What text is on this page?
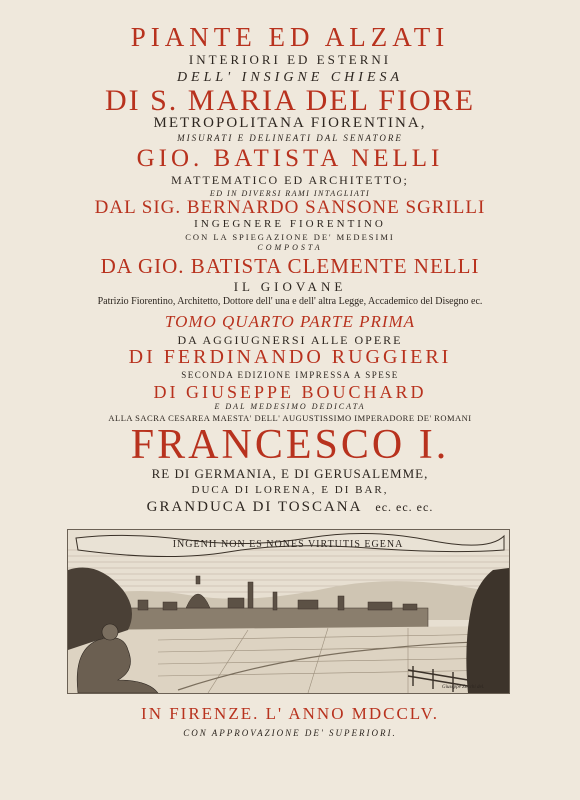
PIANTE ED ALZATI
INTERIORI ED ESTERNI
DELL' INSIGNE CHIESA
DI S. MARIA DEL FIORE
METROPOLITANA FIORENTINA,
MISURATI E DELINEATI DAL SENATORE
GIO. BATISTA NELLI
MATTEMATICO ED ARCHITETTO;
ED IN DIVERSI RAMI INTAGLIATI
DAL SIG. BERNARDO SANSONE SGRILLI
INGEGNERE FIORENTINO
CON LA SPIEGAZIONE DE' MEDESIMI
COMPOSTA
DA GIO. BATISTA CLEMENTE NELLI
IL GIOVANE
Patrizio Fiorentino, Architetto, Dottore dell' una e dell' altra Legge, Accademico del Disegno ec.
TOMO QUARTO PARTE PRIMA
DA AGGIUGNERSI ALLE OPERE
DI FERDINANDO RUGGIERI
SECONDA EDIZIONE IMPRESSA A SPESE
DI GIUSEPPE BOUCHARD
E DAL MEDESIMO DEDICATA
ALLA SACRA CESAREA MAESTA' DELL' AUGUSTISSIMO IMPERADORE DE' ROMANI
FRANCESCO I.
RE DI GERMANIA, E DI GERUSALEMME,
DUCA DI LORENA, E DI BAR,
GRANDUCA DI TOSCANA ec. ec. ec.
INGENII NON ES NONES VIRTUTIS EGENA
Giuseppe Zocchi del.
IN FIRENZE. L' ANNO MDCCLV.
CON APPROVAZIONE DE' SUPERIORI.
